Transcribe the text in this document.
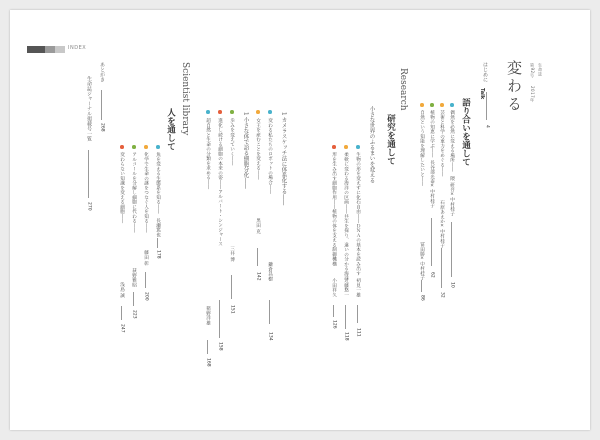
INDEX
変わる	生命誌
第92号
2017年
はじめに
Talk
4
語り合いを通して
偶然を必然に変える場所――
隈 研吾×中村桂子
10
芸術と科学の重力をめぐる――
石原あえか×中村桂子
32
植物の知恵に学ぶ――
長谷部光泰×中村桂子
62
自然という知能を理解したいと――
冨田勝×中村桂子
86
Research
研究を通して
小さな世界のふるまいを変える
生物の形を変えずに化石自由――ＤＮＡの基本を読み出す
初見一雄
111
柔軟に変わる海洋の区画――共生を探り、違いの分かる海洋
近藤悠一
118
形を生み出す細胞作用――植物の体を支える制御機構
小田祥久
126
1 カメラスケッチ法に体系化する――
変わる私たちのロボットの場合――
鎌倉昌樹
134
女王を産むことを変える――
黒田 克
142
1 小さな体で語る細胞分化――
歩みを変えていく――
三井 博
151
進化し続ける細胞の本来の姿――アルバート・シンジャース
158
超自然と生命の分類を求める――
猪野洋雄
168
Scientist library
人を通して
魚を変える生態系を知る――
長瀬篤也
178
化学で生命の謎をつなぐ人を知る――
藤田 彰
200
アルコールを分解し細胞に代わる――
荻野雅昭
223
変わらない知識を変える細胞――
浅島 誠
247
あとがき
268
生命誌ジャーナル掲載号一覧
270
